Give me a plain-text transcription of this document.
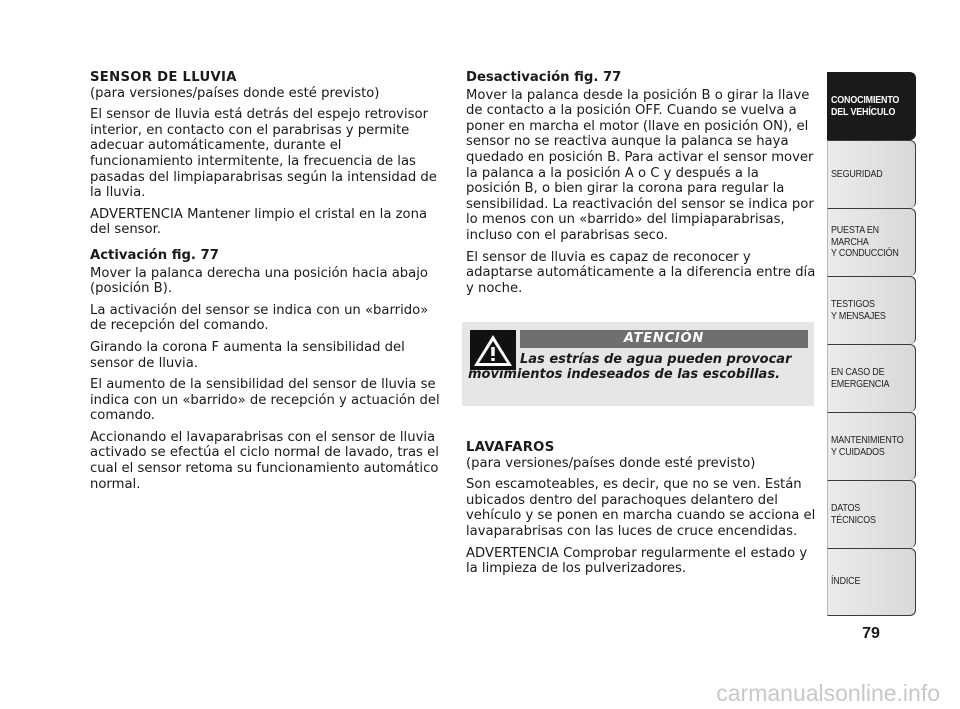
SENSOR DE LLUVIA
(para versiones/países donde esté previsto)

El sensor de lluvia está detrás del espejo retrovisor interior, en contacto con el parabrisas y permite adecuar automáticamente, durante el funcionamiento intermitente, la frecuencia de las pasadas del limpiaparabrisas según la intensidad de la lluvia.

ADVERTENCIA Mantener limpio el cristal en la zona del sensor.

Activación fig. 77

Mover la palanca derecha una posición hacia abajo (posición B).

La activación del sensor se indica con un «barrido» de recepción del comando.

Girando la corona F aumenta la sensibilidad del sensor de lluvia.

El aumento de la sensibilidad del sensor de lluvia se indica con un «barrido» de recepción y actuación del comando.

Accionando el lavaparabrisas con el sensor de lluvia activado se efectúa el ciclo normal de lavado, tras el cual el sensor retoma su funcionamiento automático normal.

Desactivación fig. 77

Mover la palanca desde la posición B o girar la llave de contacto a la posición OFF. Cuando se vuelva a poner en marcha el motor (llave en posición ON), el sensor no se reactiva aunque la palanca se haya quedado en posición B. Para activar el sensor mover la palanca a la posición A o C y después a la posición B, o bien girar la corona para regular la sensibilidad. La reactivación del sensor se indica por lo menos con un «barrido» del limpiaparabrisas, incluso con el parabrisas seco.

El sensor de lluvia es capaz de reconocer y adaptarse automáticamente a la diferencia entre día y noche.

ATENCIÓN
Las estrías de agua pueden provocar movimientos indeseados de las escobillas.
LAVAFAROS
(para versiones/países donde esté previsto)

Son escamoteables, es decir, que no se ven. Están ubicados dentro del parachoques delantero del vehículo y se ponen en marcha cuando se acciona el lavaparabrisas con las luces de cruce encendidas.

ADVERTENCIA Comprobar regularmente el estado y la limpieza de los pulverizadores.

CONOCIMIENTO
DEL VEHÍCULO
SEGURIDAD
PUESTA EN
MARCHA
Y CONDUCCIÓN
TESTIGOS
Y MENSAJES
EN CASO DE
EMERGENCIA
MANTENIMIENTO
Y CUIDADOS
DATOS
TÉCNICOS
ÍNDICE
79
carmanualsonline.info
